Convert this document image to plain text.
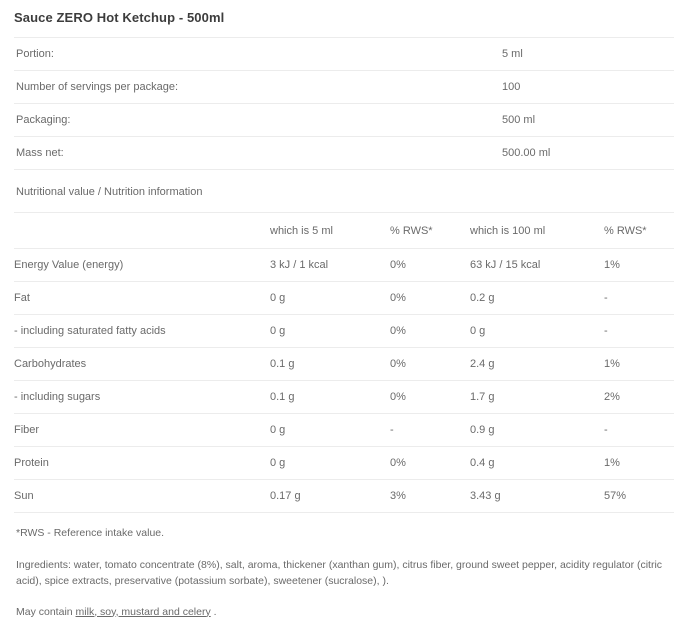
Sauce ZERO Hot Ketchup - 500ml
Portion:	5 ml
Number of servings per package:	100
Packaging:	500 ml
Mass net:	500.00 ml
Nutritional value / Nutrition information
	which is 5 ml	% RWS*	which is 100 ml	% RWS*
Energy Value (energy)	3 kJ / 1 kcal	0%	63 kJ / 15 kcal	1%
Fat	0 g	0%	0.2 g	-
- including saturated fatty acids	0 g	0%	0 g	-
Carbohydrates	0.1 g	0%	2.4 g	1%
- including sugars	0.1 g	0%	1.7 g	2%
Fiber	0 g	-	0.9 g	-
Protein	0 g	0%	0.4 g	1%
Sun	0.17 g	3%	3.43 g	57%
*RWS - Reference intake value.
Ingredients: water, tomato concentrate (8%), salt, aroma, thickener (xanthan gum), citrus fiber, ground sweet pepper, acidity regulator (citric acid), spice extracts, preservative (potassium sorbate), sweetener (sucralose), ).
May contain milk, soy, mustard and celery .
